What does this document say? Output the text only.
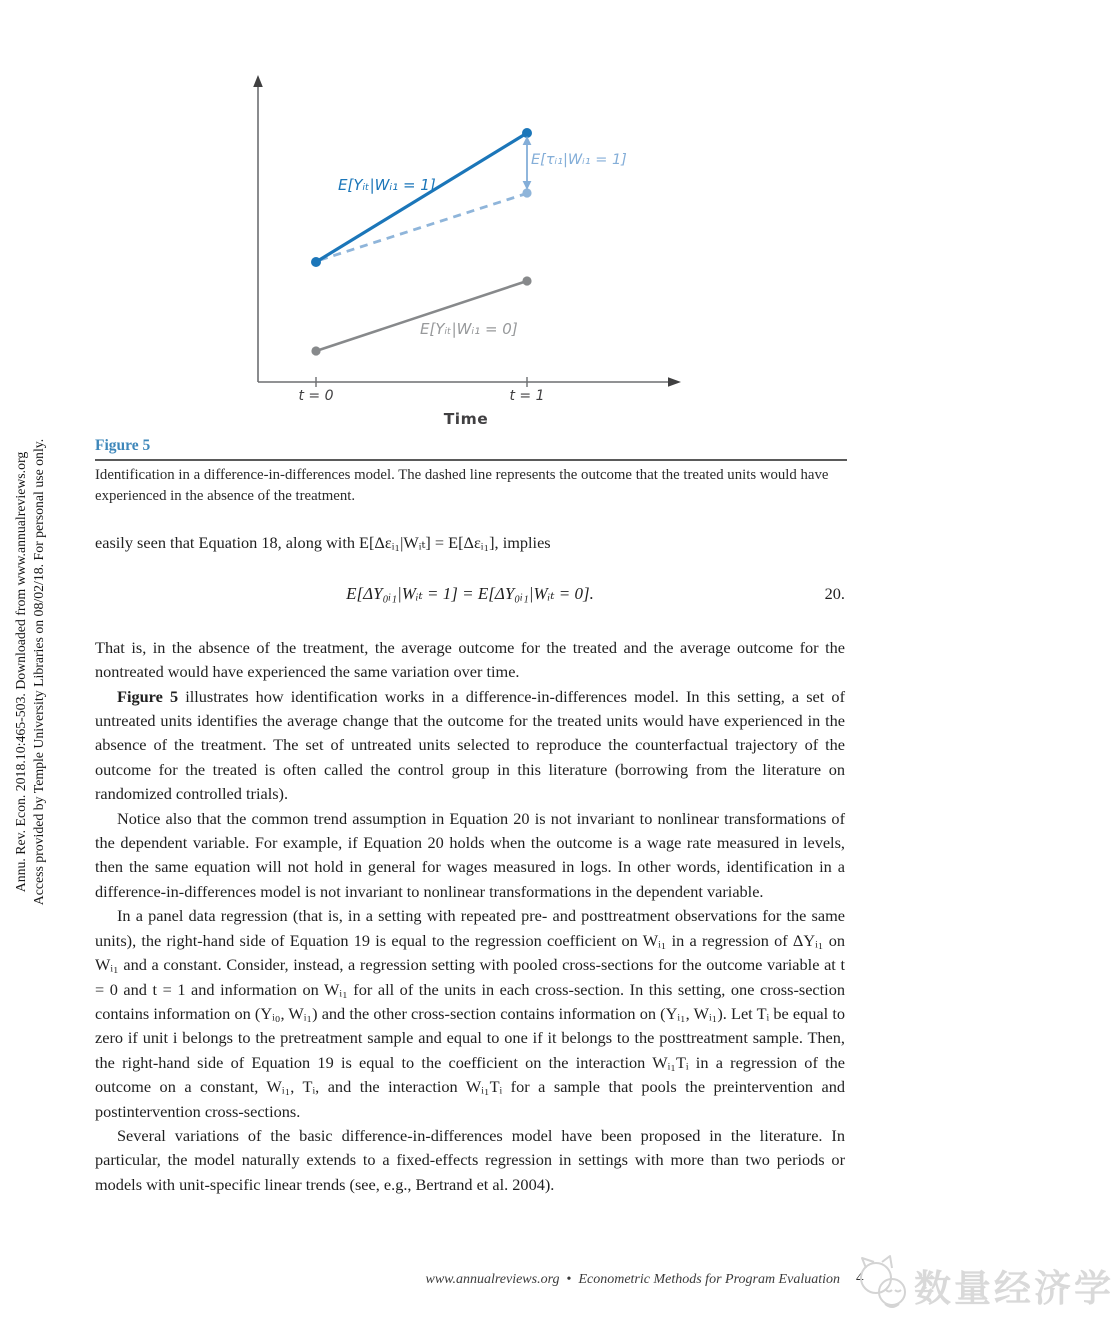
Annu. Rev. Econ. 2018.10:465-503. Downloaded from www.annualreviews.org Access provided by Temple University Libraries on 08/02/18. For personal use only.
E[Yᵢₜ|Wᵢ₁ = 1]
E[τᵢ₁|Wᵢ₁ = 1]
E[Yᵢₜ|Wᵢ₁ = 0]
t = 0	t = 1
Time
Figure 5
Identification in a difference-in-differences model. The dashed line represents the outcome that the treated units would have experienced in the absence of the treatment.

easily seen that Equation 18, along with E[Δεᵢ₁|Wᵢₜ] = E[Δεᵢ₁], implies

E[ΔY₀ᵢ₁|Wᵢₜ = 1] = E[ΔY₀ᵢ₁|Wᵢₜ = 0].	20.

That is, in the absence of the treatment, the average outcome for the treated and the average outcome for the nontreated would have experienced the same variation over time.

Figure 5 illustrates how identification works in a difference-in-differences model. In this setting, a set of untreated units identifies the average change that the outcome for the treated units would have experienced in the absence of the treatment. The set of untreated units selected to reproduce the counterfactual trajectory of the outcome for the treated is often called the control group in this literature (borrowing from the literature on randomized controlled trials).

Notice also that the common trend assumption in Equation 20 is not invariant to nonlinear transformations of the dependent variable. For example, if Equation 20 holds when the outcome is a wage rate measured in levels, then the same equation will not hold in general for wages measured in logs. In other words, identification in a difference-in-differences model is not invariant to nonlinear transformations in the dependent variable.

In a panel data regression (that is, in a setting with repeated pre- and posttreatment observations for the same units), the right-hand side of Equation 19 is equal to the regression coefficient on Wᵢ₁ in a regression of ΔYᵢ₁ on Wᵢ₁ and a constant. Consider, instead, a regression setting with pooled cross-sections for the outcome variable at t = 0 and t = 1 and information on Wᵢ₁ for all of the units in each cross-section. In this setting, one cross-section contains information on (Yᵢ₀, Wᵢ₁) and the other cross-section contains information on (Yᵢ₁, Wᵢ₁). Let Tᵢ be equal to zero if unit i belongs to the pretreatment sample and equal to one if it belongs to the posttreatment sample. Then, the right-hand side of Equation 19 is equal to the coefficient on the interaction Wᵢ₁Tᵢ in a regression of the outcome on a constant, Wᵢ₁, Tᵢ, and the interaction Wᵢ₁Tᵢ for a sample that pools the preintervention and postintervention cross-sections.

Several variations of the basic difference-in-differences model have been proposed in the literature. In particular, the model naturally extends to a fixed-effects regression in settings with more than two periods or models with unit-specific linear trends (see, e.g., Bertrand et al. 2004).

www.annualreviews.org • Econometric Methods for Program Evaluation 4 数量经济学
